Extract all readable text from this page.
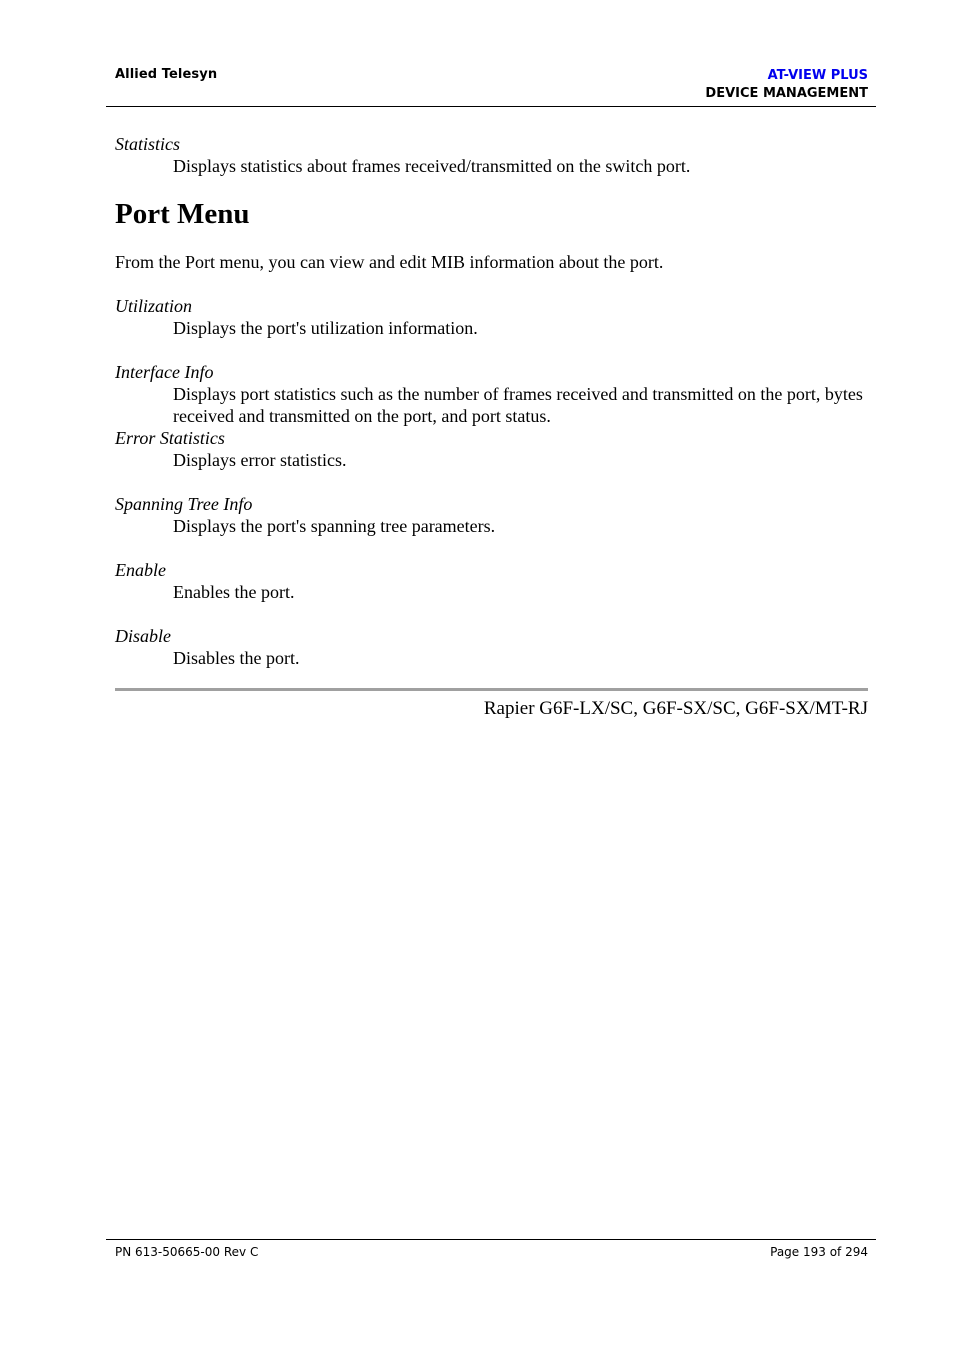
Allied Telesyn	AT-VIEW PLUS
DEVICE MANAGEMENT

Statistics

Displays statistics about frames received/transmitted on the switch port.

Port Menu

From the Port menu, you can view and edit MIB information about the port.

Utilization

Displays the port's utilization information.

Interface Info

Displays port statistics such as the number of frames received and transmitted on the port, bytes received and transmitted on the port, and port status.

Error Statistics

Displays error statistics.

Spanning Tree Info

Displays the port's spanning tree parameters.

Enable

Enables the port.

Disable

Disables the port.

Rapier G6F-LX/SC, G6F-SX/SC, G6F-SX/MT-RJ
PN 613-50665-00 Rev C	Page 193 of 294
